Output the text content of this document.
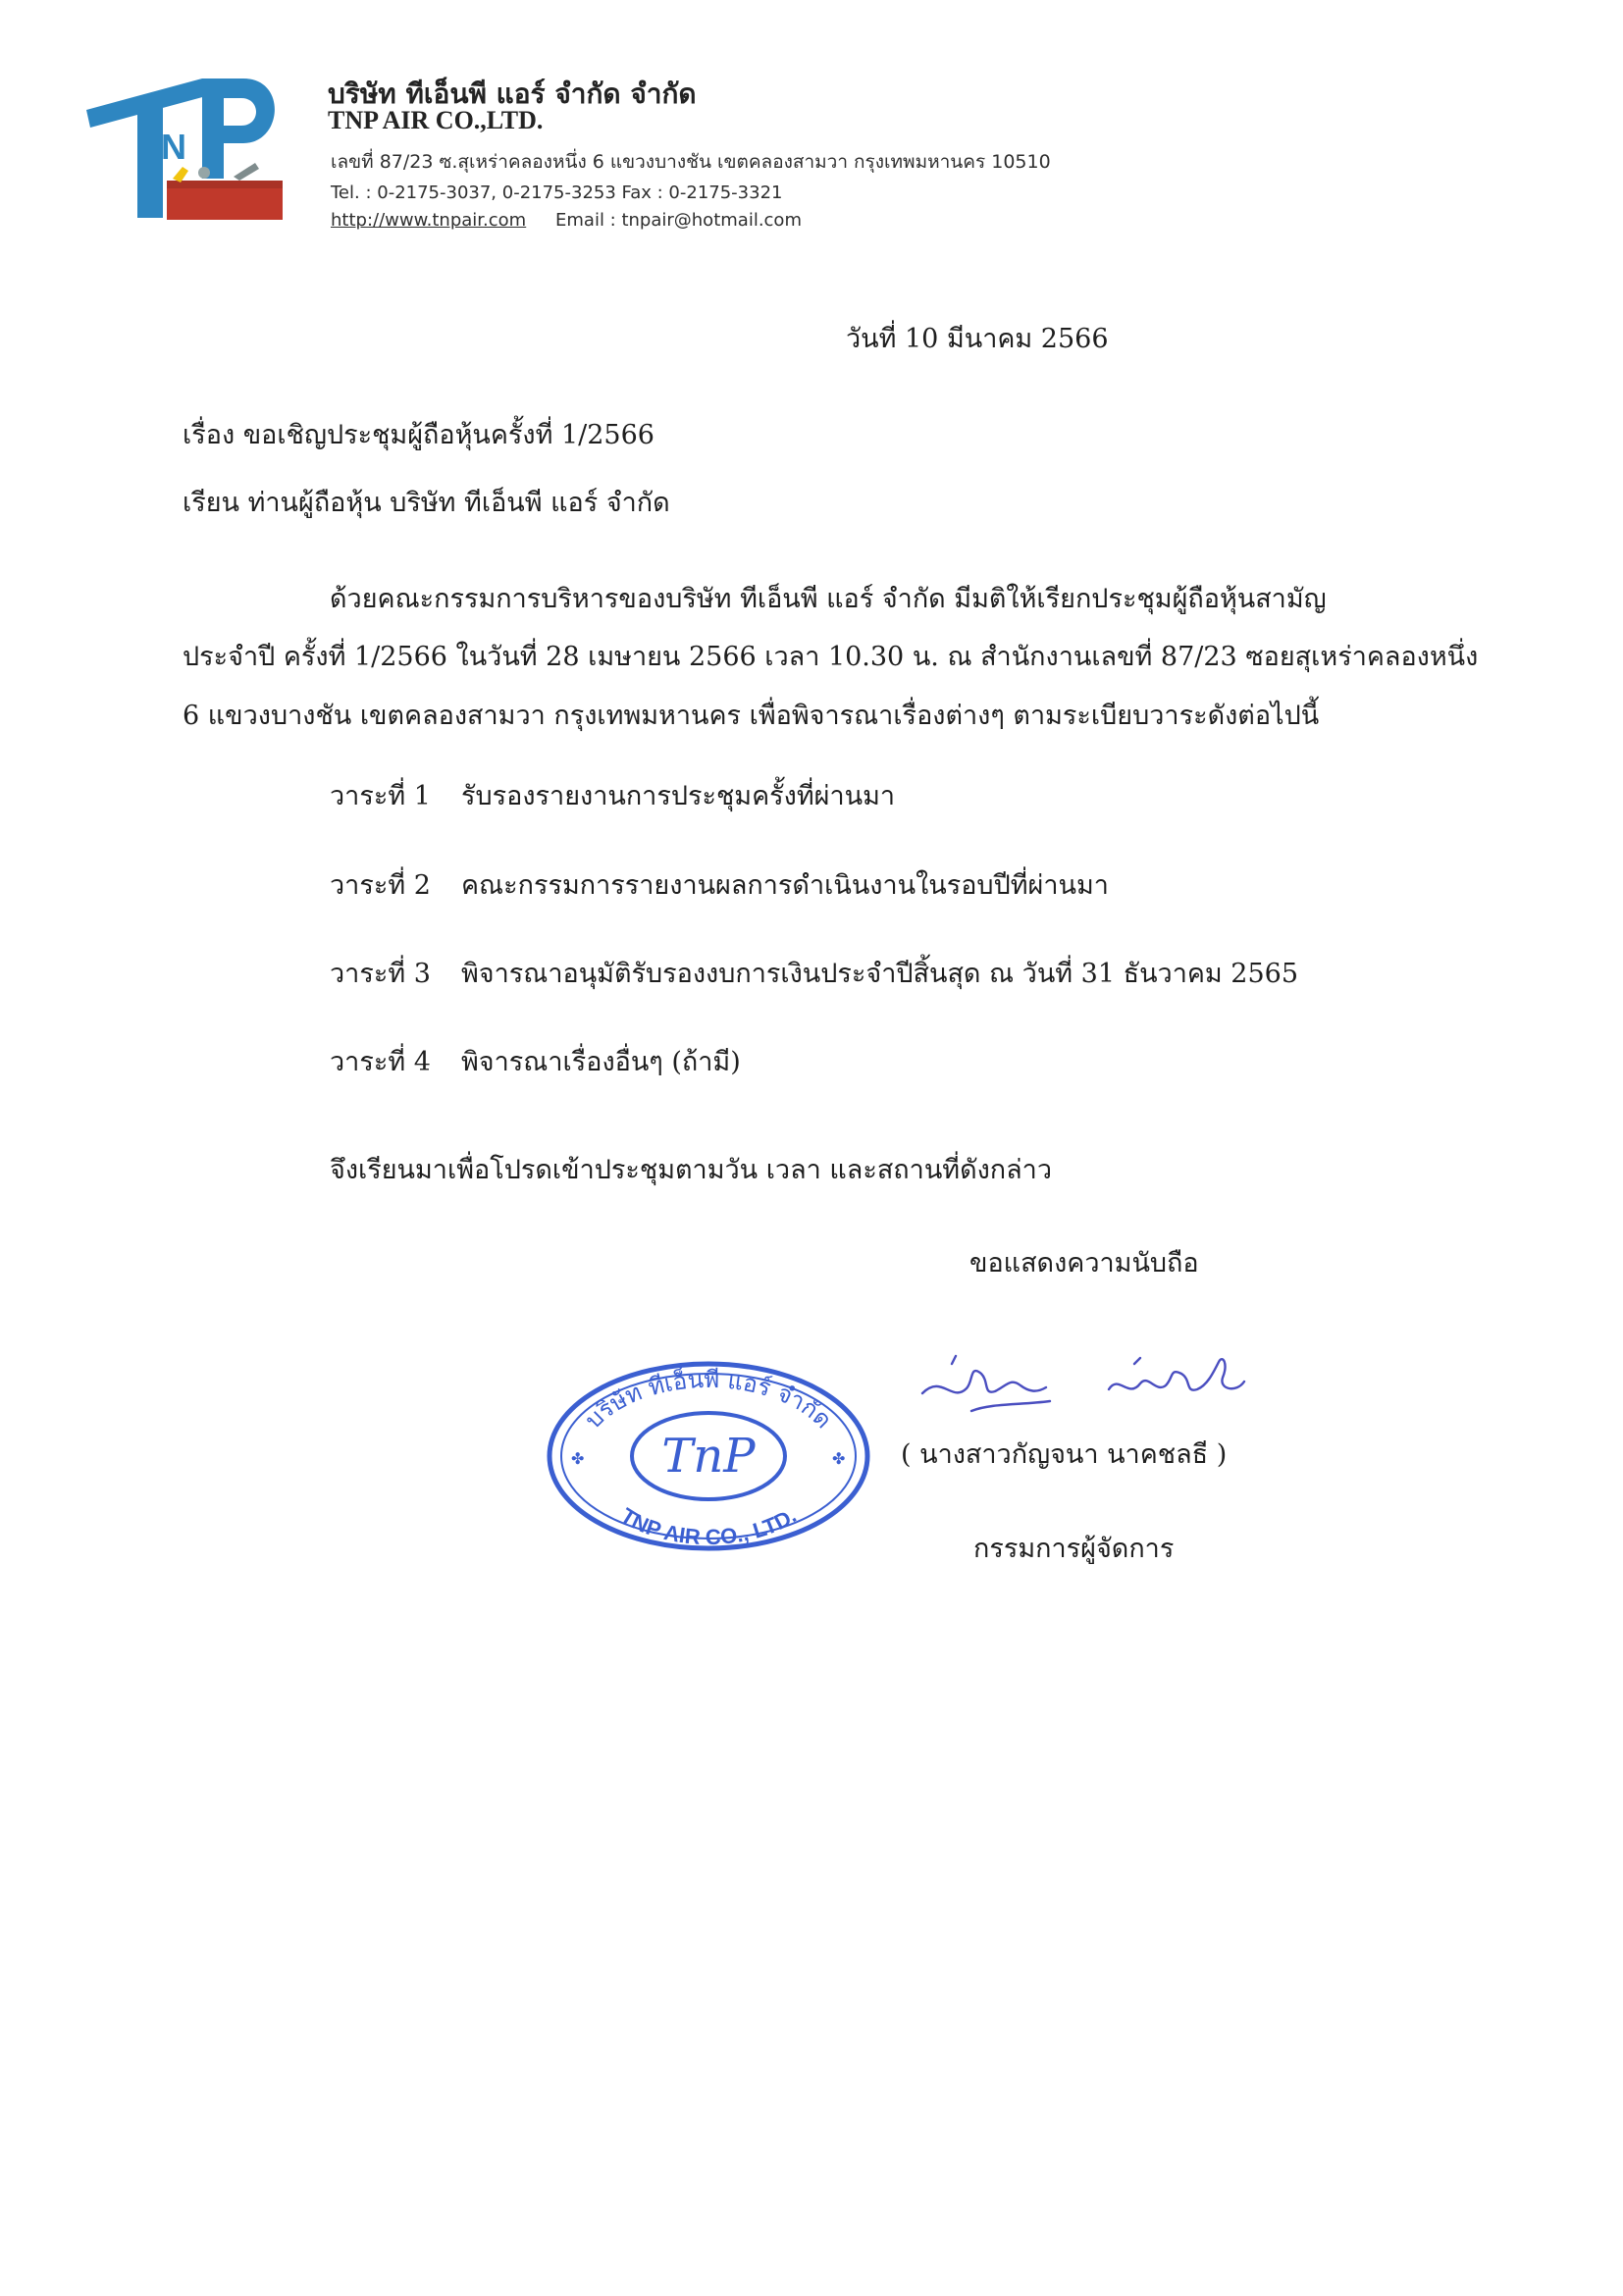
N
บริษัท ทีเอ็นพี แอร์ จำกัด จำกัด
TNP AIR CO.,LTD.
เลขที่ 87/23 ซ.สุเหร่าคลองหนึ่ง 6 แขวงบางชัน เขตคลองสามวา กรุงเทพมหานคร 10510
Tel. : 0-2175-3037, 0-2175-3253 Fax : 0-2175-3321
http://www.tnpair.com Email : tnpair@hotmail.com
วันที่ 10 มีนาคม 2566
เรื่อง ขอเชิญประชุมผู้ถือหุ้นครั้งที่ 1/2566
เรียน ท่านผู้ถือหุ้น บริษัท ทีเอ็นพี แอร์ จำกัด
ด้วยคณะกรรมการบริหารของบริษัท ทีเอ็นพี แอร์ จำกัด มีมติให้เรียกประชุมผู้ถือหุ้นสามัญ
ประจำปี ครั้งที่ 1/2566 ในวันที่ 28 เมษายน 2566 เวลา 10.30 น. ณ สำนักงานเลขที่ 87/23 ซอยสุเหร่าคลองหนึ่ง
6 แขวงบางชัน เขตคลองสามวา กรุงเทพมหานคร เพื่อพิจารณาเรื่องต่างๆ ตามระเบียบวาระดังต่อไปนี้
วาระที่ 1 รับรองรายงานการประชุมครั้งที่ผ่านมา
วาระที่ 2 คณะกรรมการรายงานผลการดำเนินงานในรอบปีที่ผ่านมา
วาระที่ 3 พิจารณาอนุมัติรับรองงบการเงินประจำปีสิ้นสุด ณ วันที่ 31 ธันวาคม 2565
วาระที่ 4 พิจารณาเรื่องอื่นๆ (ถ้ามี)
จึงเรียนมาเพื่อโปรดเข้าประชุมตามวัน เวลา และสถานที่ดังกล่าว
ขอแสดงความนับถือ
บริษัท ทีเอ็นพี แอร์ จำกัด
TNP AIR CO., LTD.
TnP
✤	✤ ( นางสาวกัญจนา นาคชลธี )
กรรมการผู้จัดการ
